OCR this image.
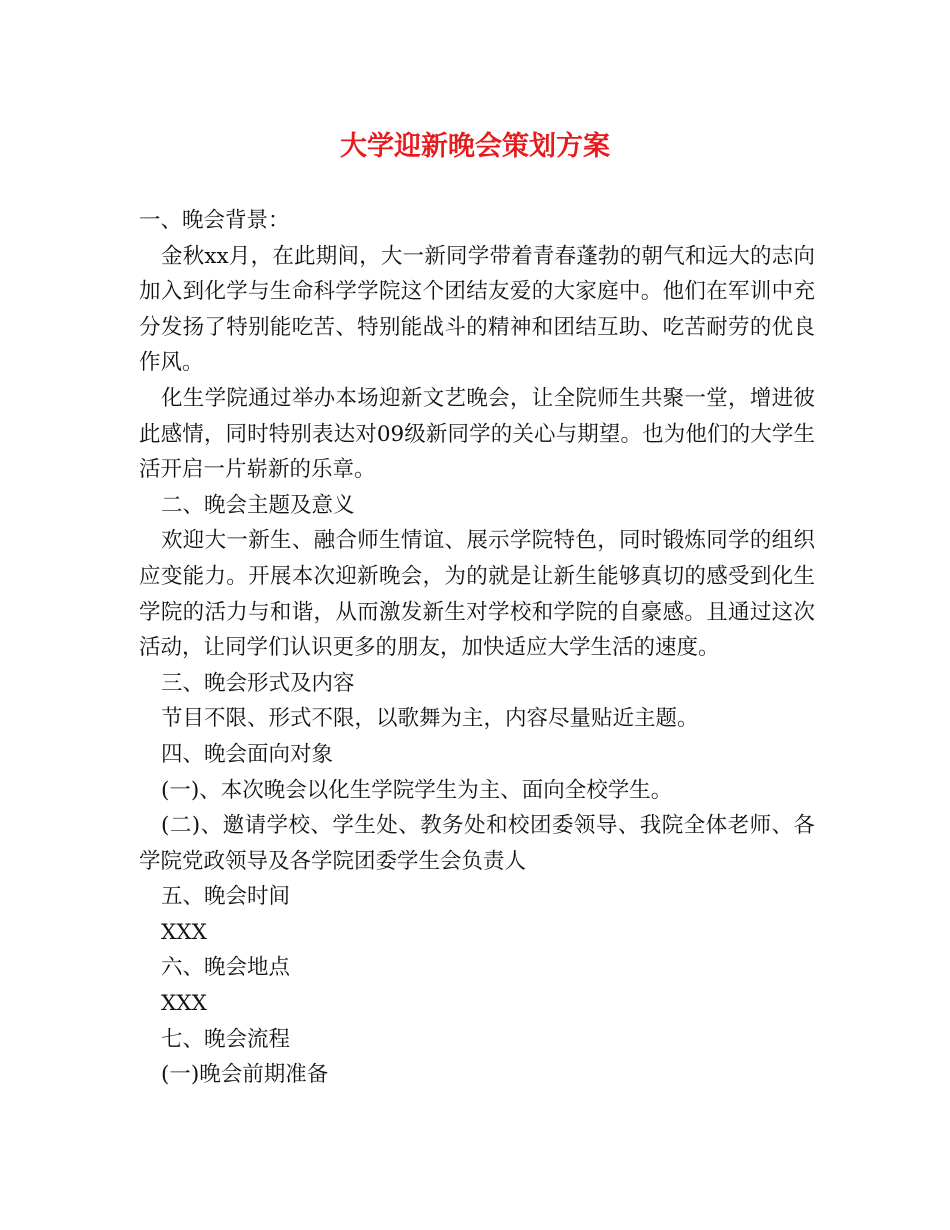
大学迎新晚会策划方案

一、晚会背景：

金秋xx月，在此期间，大一新同学带着青春蓬勃的朝气和远大的志向加入到化学与生命科学学院这个团结友爱的大家庭中。他们在军训中充分发扬了特别能吃苦、特别能战斗的精神和团结互助、吃苦耐劳的优良作风。

化生学院通过举办本场迎新文艺晚会，让全院师生共聚一堂，增进彼此感情，同时特别表达对09级新同学的关心与期望。也为他们的大学生活开启一片崭新的乐章。

二、晚会主题及意义

欢迎大一新生、融合师生情谊、展示学院特色，同时锻炼同学的组织应变能力。开展本次迎新晚会，为的就是让新生能够真切的感受到化生学院的活力与和谐，从而激发新生对学校和学院的自豪感。且通过这次活动，让同学们认识更多的朋友，加快适应大学生活的速度。

三、晚会形式及内容

节目不限、形式不限，以歌舞为主，内容尽量贴近主题。

四、晚会面向对象

(一)、本次晚会以化生学院学生为主、面向全校学生。

(二)、邀请学校、学生处、教务处和校团委领导、我院全体老师、各学院党政领导及各学院团委学生会负责人

五、晚会时间

XXX

六、晚会地点

XXX

七、晚会流程

(一)晚会前期准备
